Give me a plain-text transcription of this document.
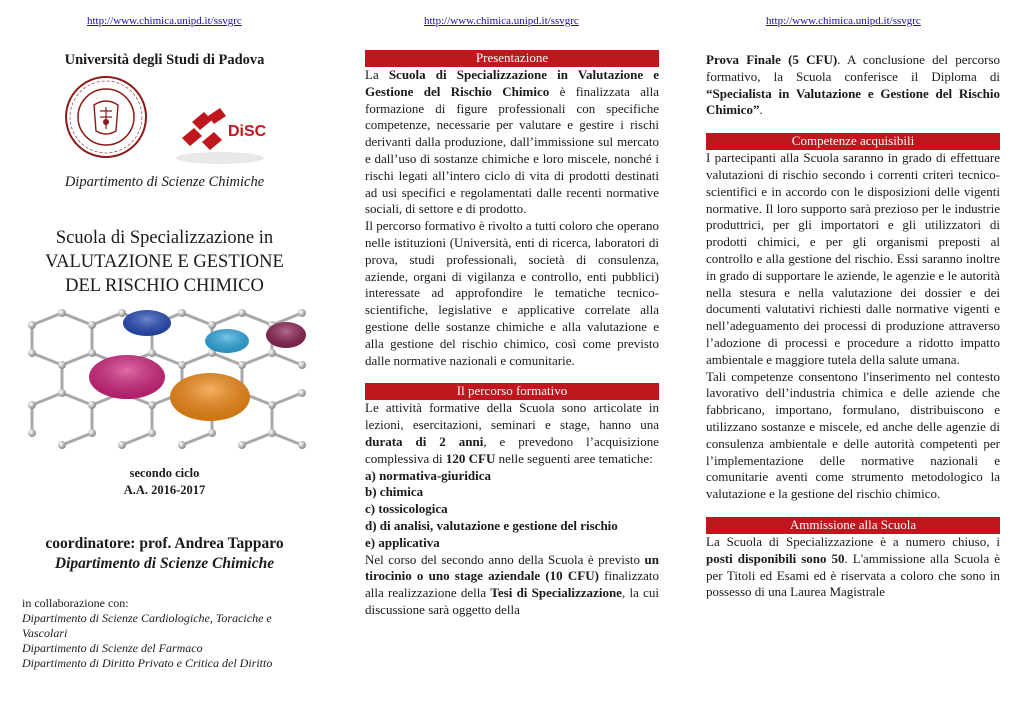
http://www.chimica.unipd.it/ssvgrc	http://www.chimica.unipd.it/ssvgrc	http://www.chimica.unipd.it/ssvgrc
Università degli Studi di Padova
DiSC
Dipartimento di Scienze Chimiche
Scuola di Specializzazione in
VALUTAZIONE E GESTIONE
DEL RISCHIO CHIMICO
secondo ciclo
A.A. 2016-2017
coordinatore: prof. Andrea Tapparo
Dipartimento di Scienze Chimiche
in collaborazione con:
Dipartimento di Scienze Cardiologiche, Toraciche e Vascolari
Dipartimento di Scienze del Farmaco
Dipartimento di Diritto Privato e Critica del Diritto
Presentazione

La Scuola di Specializzazione in Valutazione e Gestione del Rischio Chimico è finalizzata alla formazione di figure professionali con specifiche competenze, necessarie per valutare e gestire i rischi derivanti dalla produzione, dall’immissione sul mercato e dall’uso di sostanze chimiche e loro miscele, nonché i rischi legati all’intero ciclo di vita di prodotti destinati ad usi specifici e regolamentati dalle recenti normative sociali, di settore e di prodotto.

Il percorso formativo è rivolto a tutti coloro che operano nelle istituzioni (Università, enti di ricerca, laboratori di prova, studi professionali, società di consulenza, aziende, organi di vigilanza e controllo, enti pubblici) interessate ad approfondire le tematiche tecnico-scientifiche, legislative e applicative correlate alla gestione delle sostanze chimiche e alla valutazione e alla gestione del rischio chimico, così come previsto dalle normative nazionali e comunitarie.

Il percorso formativo

Le attività formative della Scuola sono articolate in lezioni, esercitazioni, seminari e stage, hanno una durata di 2 anni, e prevedono l’acquisizione complessiva di 120 CFU nelle seguenti aree tematiche:

a) normativa-giuridica
b) chimica
c) tossicologica
d) di analisi, valutazione e gestione del rischio
e) applicativa

Nel corso del secondo anno della Scuola è previsto un tirocinio o uno stage aziendale (10 CFU) finalizzato alla realizzazione della Tesi di Specializzazione, la cui discussione sarà oggetto della

Prova Finale (5 CFU). A conclusione del percorso formativo, la Scuola conferisce il Diploma di “Specialista in Valutazione e Gestione del Rischio Chimico”.

Competenze acquisibili

I partecipanti alla Scuola saranno in grado di effettuare valutazioni di rischio secondo i correnti criteri tecnico-scientifici e in accordo con le disposizioni delle vigenti normative. Il loro supporto sarà prezioso per le industrie produttrici, per gli importatori e gli utilizzatori di prodotti chimici, e per gli organismi preposti al controllo e alla gestione del rischio. Essi saranno inoltre in grado di supportare le aziende, le agenzie e le autorità nella stesura e nella valutazione dei dossier e dei documenti valutativi richiesti dalle normative vigenti e nell’adeguamento dei processi di produzione attraverso l’adozione di processi e procedure a ridotto impatto ambientale e maggiore tutela della salute umana.

Tali competenze consentono l'inserimento nel contesto lavorativo dell’industria chimica e delle aziende che fabbricano, importano, formulano, distribuiscono e utilizzano sostanze e miscele, ed anche delle agenzie di consulenza ambientale e delle autorità competenti per l’implementazione delle normative nazionali e comunitarie aventi come strumento metodologico la valutazione e la gestione del rischio chimico.

Ammissione alla Scuola

La Scuola di Specializzazione è a numero chiuso, i posti disponibili sono 50. L'ammissione alla Scuola è per Titoli ed Esami ed è riservata a coloro che sono in possesso di una Laurea Magistrale
